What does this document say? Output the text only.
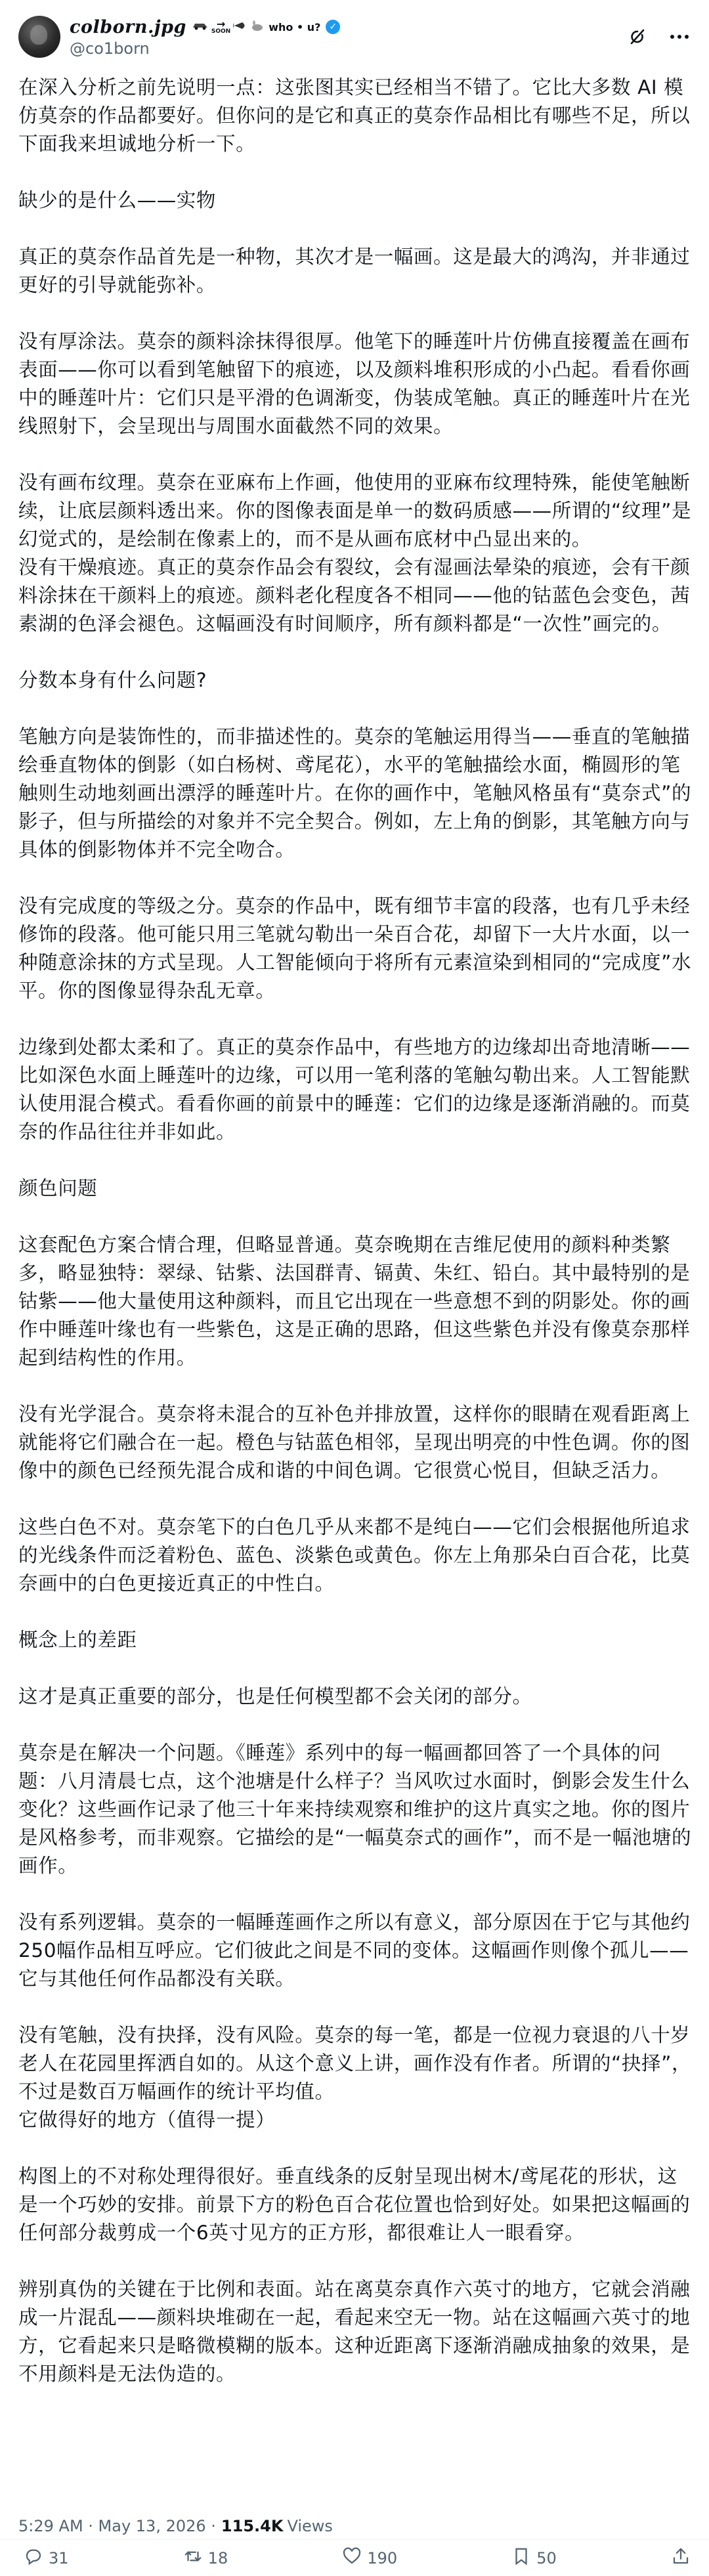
colborn.jpg	→
SOON	who • u? ✓
@co1born

在深入分析之前先说明一点：这张图其实已经相当不错了。它比大多数 AI 模仿莫奈的作品都要好。但你问的是它和真正的莫奈作品相比有哪些不足，所以下面我来坦诚地分析一下。

缺少的是什么——实物

真正的莫奈作品首先是一种物，其次才是一幅画。这是最大的鸿沟，并非通过更好的引导就能弥补。

没有厚涂法。莫奈的颜料涂抹得很厚。他笔下的睡莲叶片仿佛直接覆盖在画布表面——你可以看到笔触留下的痕迹，以及颜料堆积形成的小凸起。看看你画中的睡莲叶片：它们只是平滑的色调渐变，伪装成笔触。真正的睡莲叶片在光线照射下，会呈现出与周围水面截然不同的效果。

没有画布纹理。莫奈在亚麻布上作画，他使用的亚麻布纹理特殊，能使笔触断续，让底层颜料透出来。你的图像表面是单一的数码质感——所谓的“纹理”是幻觉式的，是绘制在像素上的，而不是从画布底材中凸显出来的。
没有干燥痕迹。真正的莫奈作品会有裂纹，会有湿画法晕染的痕迹，会有干颜料涂抹在干颜料上的痕迹。颜料老化程度各不相同——他的钴蓝色会变色，茜素湖的色泽会褪色。这幅画没有时间顺序，所有颜料都是“一次性”画完的。

分数本身有什么问题?

笔触方向是装饰性的，而非描述性的。莫奈的笔触运用得当——垂直的笔触描绘垂直物体的倒影（如白杨树、鸢尾花），水平的笔触描绘水面，椭圆形的笔触则生动地刻画出漂浮的睡莲叶片。在你的画作中，笔触风格虽有“莫奈式”的影子，但与所描绘的对象并不完全契合。例如，左上角的倒影，其笔触方向与具体的倒影物体并不完全吻合。

没有完成度的等级之分。莫奈的作品中，既有细节丰富的段落，也有几乎未经修饰的段落。他可能只用三笔就勾勒出一朵百合花，却留下一大片水面，以一种随意涂抹的方式呈现。人工智能倾向于将所有元素渲染到相同的“完成度”水平。你的图像显得杂乱无章。

边缘到处都太柔和了。真正的莫奈作品中，有些地方的边缘却出奇地清晰——比如深色水面上睡莲叶的边缘，可以用一笔利落的笔触勾勒出来。人工智能默认使用混合模式。看看你画的前景中的睡莲：它们的边缘是逐渐消融的。而莫奈的作品往往并非如此。

颜色问题

这套配色方案合情合理，但略显普通。莫奈晚期在吉维尼使用的颜料种类繁多，略显独特：翠绿、钴紫、法国群青、镉黄、朱红、铅白。其中最特别的是钴紫——他大量使用这种颜料，而且它出现在一些意想不到的阴影处。你的画作中睡莲叶缘也有一些紫色，这是正确的思路，但这些紫色并没有像莫奈那样起到结构性的作用。

没有光学混合。莫奈将未混合的互补色并排放置，这样你的眼睛在观看距离上就能将它们融合在一起。橙色与钴蓝色相邻，呈现出明亮的中性色调。你的图像中的颜色已经预先混合成和谐的中间色调。它很赏心悦目，但缺乏活力。

这些白色不对。莫奈笔下的白色几乎从来都不是纯白——它们会根据他所追求的光线条件而泛着粉色、蓝色、淡紫色或黄色。你左上角那朵白百合花，比莫奈画中的白色更接近真正的中性白。

概念上的差距

这才是真正重要的部分，也是任何模型都不会关闭的部分。

莫奈是在解决一个问题。《睡莲》系列中的每一幅画都回答了一个具体的问题：八月清晨七点，这个池塘是什么样子？当风吹过水面时，倒影会发生什么变化？这些画作记录了他三十年来持续观察和维护的这片真实之地。你的图片是风格参考，而非观察。它描绘的是“一幅莫奈式的画作”，而不是一幅池塘的画作。

没有系列逻辑。莫奈的一幅睡莲画作之所以有意义，部分原因在于它与其他约250幅作品相互呼应。它们彼此之间是不同的变体。这幅画作则像个孤儿——它与其他任何作品都没有关联。

没有笔触，没有抉择，没有风险。莫奈的每一笔，都是一位视力衰退的八十岁老人在花园里挥洒自如的。从这个意义上讲，画作没有作者。所谓的“抉择”，不过是数百万幅画作的统计平均值。
它做得好的地方（值得一提）

构图上的不对称处理得很好。垂直线条的反射呈现出树木/鸢尾花的形状，这是一个巧妙的安排。前景下方的粉色百合花位置也恰到好处。如果把这幅画的任何部分裁剪成一个6英寸见方的正方形，都很难让人一眼看穿。

辨别真伪的关键在于比例和表面。站在离莫奈真作六英寸的地方，它就会消融成一片混乱——颜料块堆砌在一起，看起来空无一物。站在这幅画六英寸的地方，它看起来只是略微模糊的版本。这种近距离下逐渐消融成抽象的效果，是不用颜料是无法伪造的。

5:29 AM · May 13, 2026 · 115.4K Views
31	18	190	50
